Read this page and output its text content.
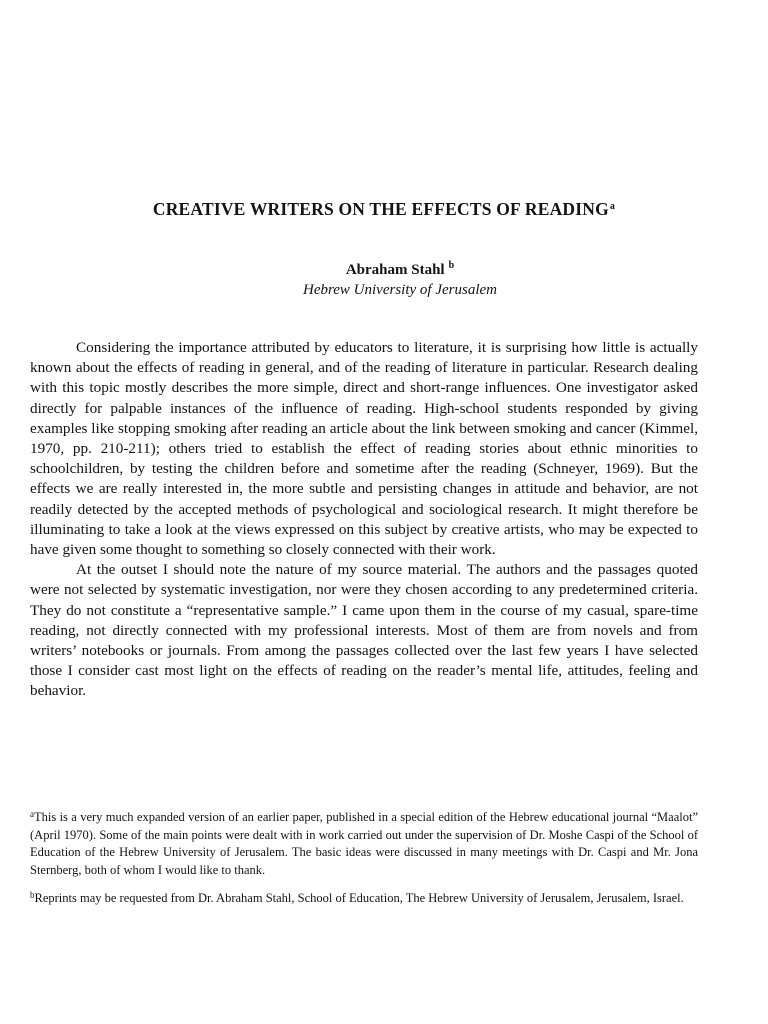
CREATIVE WRITERS ON THE EFFECTS OF READING$^a$
Abraham Stahl $^b$
Hebrew University of Jerusalem

Considering the importance attributed by educators to literature, it is surprising how little is actually known about the effects of reading in general, and of the reading of literature in particular. Research dealing with this topic mostly describes the more simple, direct and short-range influences. One investigator asked directly for palpable instances of the influence of reading. High-school students responded by giving examples like stopping smoking after reading an article about the link between smoking and cancer (Kimmel, 1970, pp. 210-211); others tried to establish the effect of reading stories about ethnic minorities to schoolchildren, by testing the children before and sometime after the reading (Schneyer, 1969). But the effects we are really interested in, the more subtle and persisting changes in attitude and behavior, are not readily detected by the accepted methods of psychological and sociological research. It might therefore be illuminating to take a look at the views expressed on this subject by creative artists, who may be expected to have given some thought to something so closely connected with their work.

At the outset I should note the nature of my source material. The authors and the passages quoted were not selected by systematic investigation, nor were they chosen according to any predetermined criteria. They do not constitute a “representative sample.” I came upon them in the course of my casual, spare-time reading, not directly connected with my professional interests. Most of them are from novels and from writers’ notebooks or journals. From among the passages collected over the last few years I have selected those I consider cast most light on the effects of reading on the reader’s mental life, attitudes, feeling and behavior.

$^a$This is a very much expanded version of an earlier paper, published in a special edition of the Hebrew educational journal “Maalot” (April 1970). Some of the main points were dealt with in work carried out under the supervision of Dr. Moshe Caspi of the School of Education of the Hebrew University of Jerusalem. The basic ideas were discussed in many meetings with Dr. Caspi and Mr. Jona Sternberg, both of whom I would like to thank.

$^b$Reprints may be requested from Dr. Abraham Stahl, School of Education, The Hebrew University of Jerusalem, Jerusalem, Israel.
